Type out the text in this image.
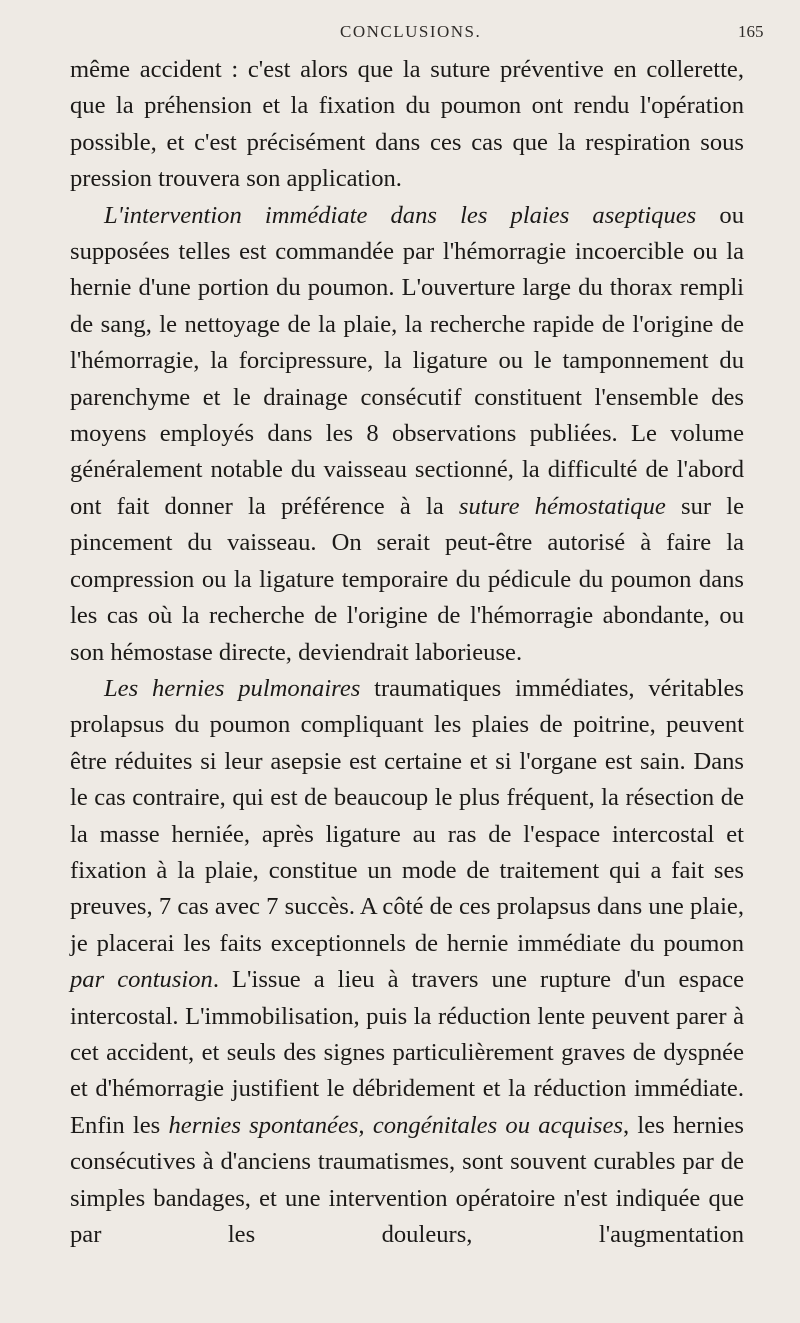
CONCLUSIONS.	165

même accident : c'est alors que la suture préventive en collerette, que la préhension et la fixation du poumon ont rendu l'opération possible, et c'est précisément dans ces cas que la respiration sous pression trouvera son application.

L'intervention immédiate dans les plaies aseptiques ou supposées telles est commandée par l'hémorragie incoercible ou la hernie d'une portion du poumon. L'ouverture large du thorax rempli de sang, le nettoyage de la plaie, la recherche rapide de l'origine de l'hémorragie, la forcipressure, la ligature ou le tamponnement du parenchyme et le drainage consécutif constituent l'ensemble des moyens employés dans les 8 observations publiées. Le volume généralement notable du vaisseau sectionné, la difficulté de l'abord ont fait donner la préférence à la suture hémostatique sur le pincement du vaisseau. On serait peut-être autorisé à faire la compression ou la ligature temporaire du pédicule du poumon dans les cas où la recherche de l'origine de l'hémorragie abondante, ou son hémostase directe, deviendrait laborieuse.

Les hernies pulmonaires traumatiques immédiates, véritables prolapsus du poumon compliquant les plaies de poitrine, peuvent être réduites si leur asepsie est certaine et si l'organe est sain. Dans le cas contraire, qui est de beaucoup le plus fréquent, la résection de la masse herniée, après ligature au ras de l'espace intercostal et fixation à la plaie, constitue un mode de traitement qui a fait ses preuves, 7 cas avec 7 succès. A côté de ces prolapsus dans une plaie, je placerai les faits exceptionnels de hernie immédiate du poumon par contusion. L'issue a lieu à travers une rupture d'un espace intercostal. L'immobilisation, puis la réduction lente peuvent parer à cet accident, et seuls des signes particulièrement graves de dyspnée et d'hémorragie justifient le débridement et la réduction immédiate. Enfin les hernies spontanées, congénitales ou acquises, les hernies consécutives à d'anciens traumatismes, sont souvent curables par de simples bandages, et une intervention opératoire n'est indiquée que par les douleurs, l'augmentation
